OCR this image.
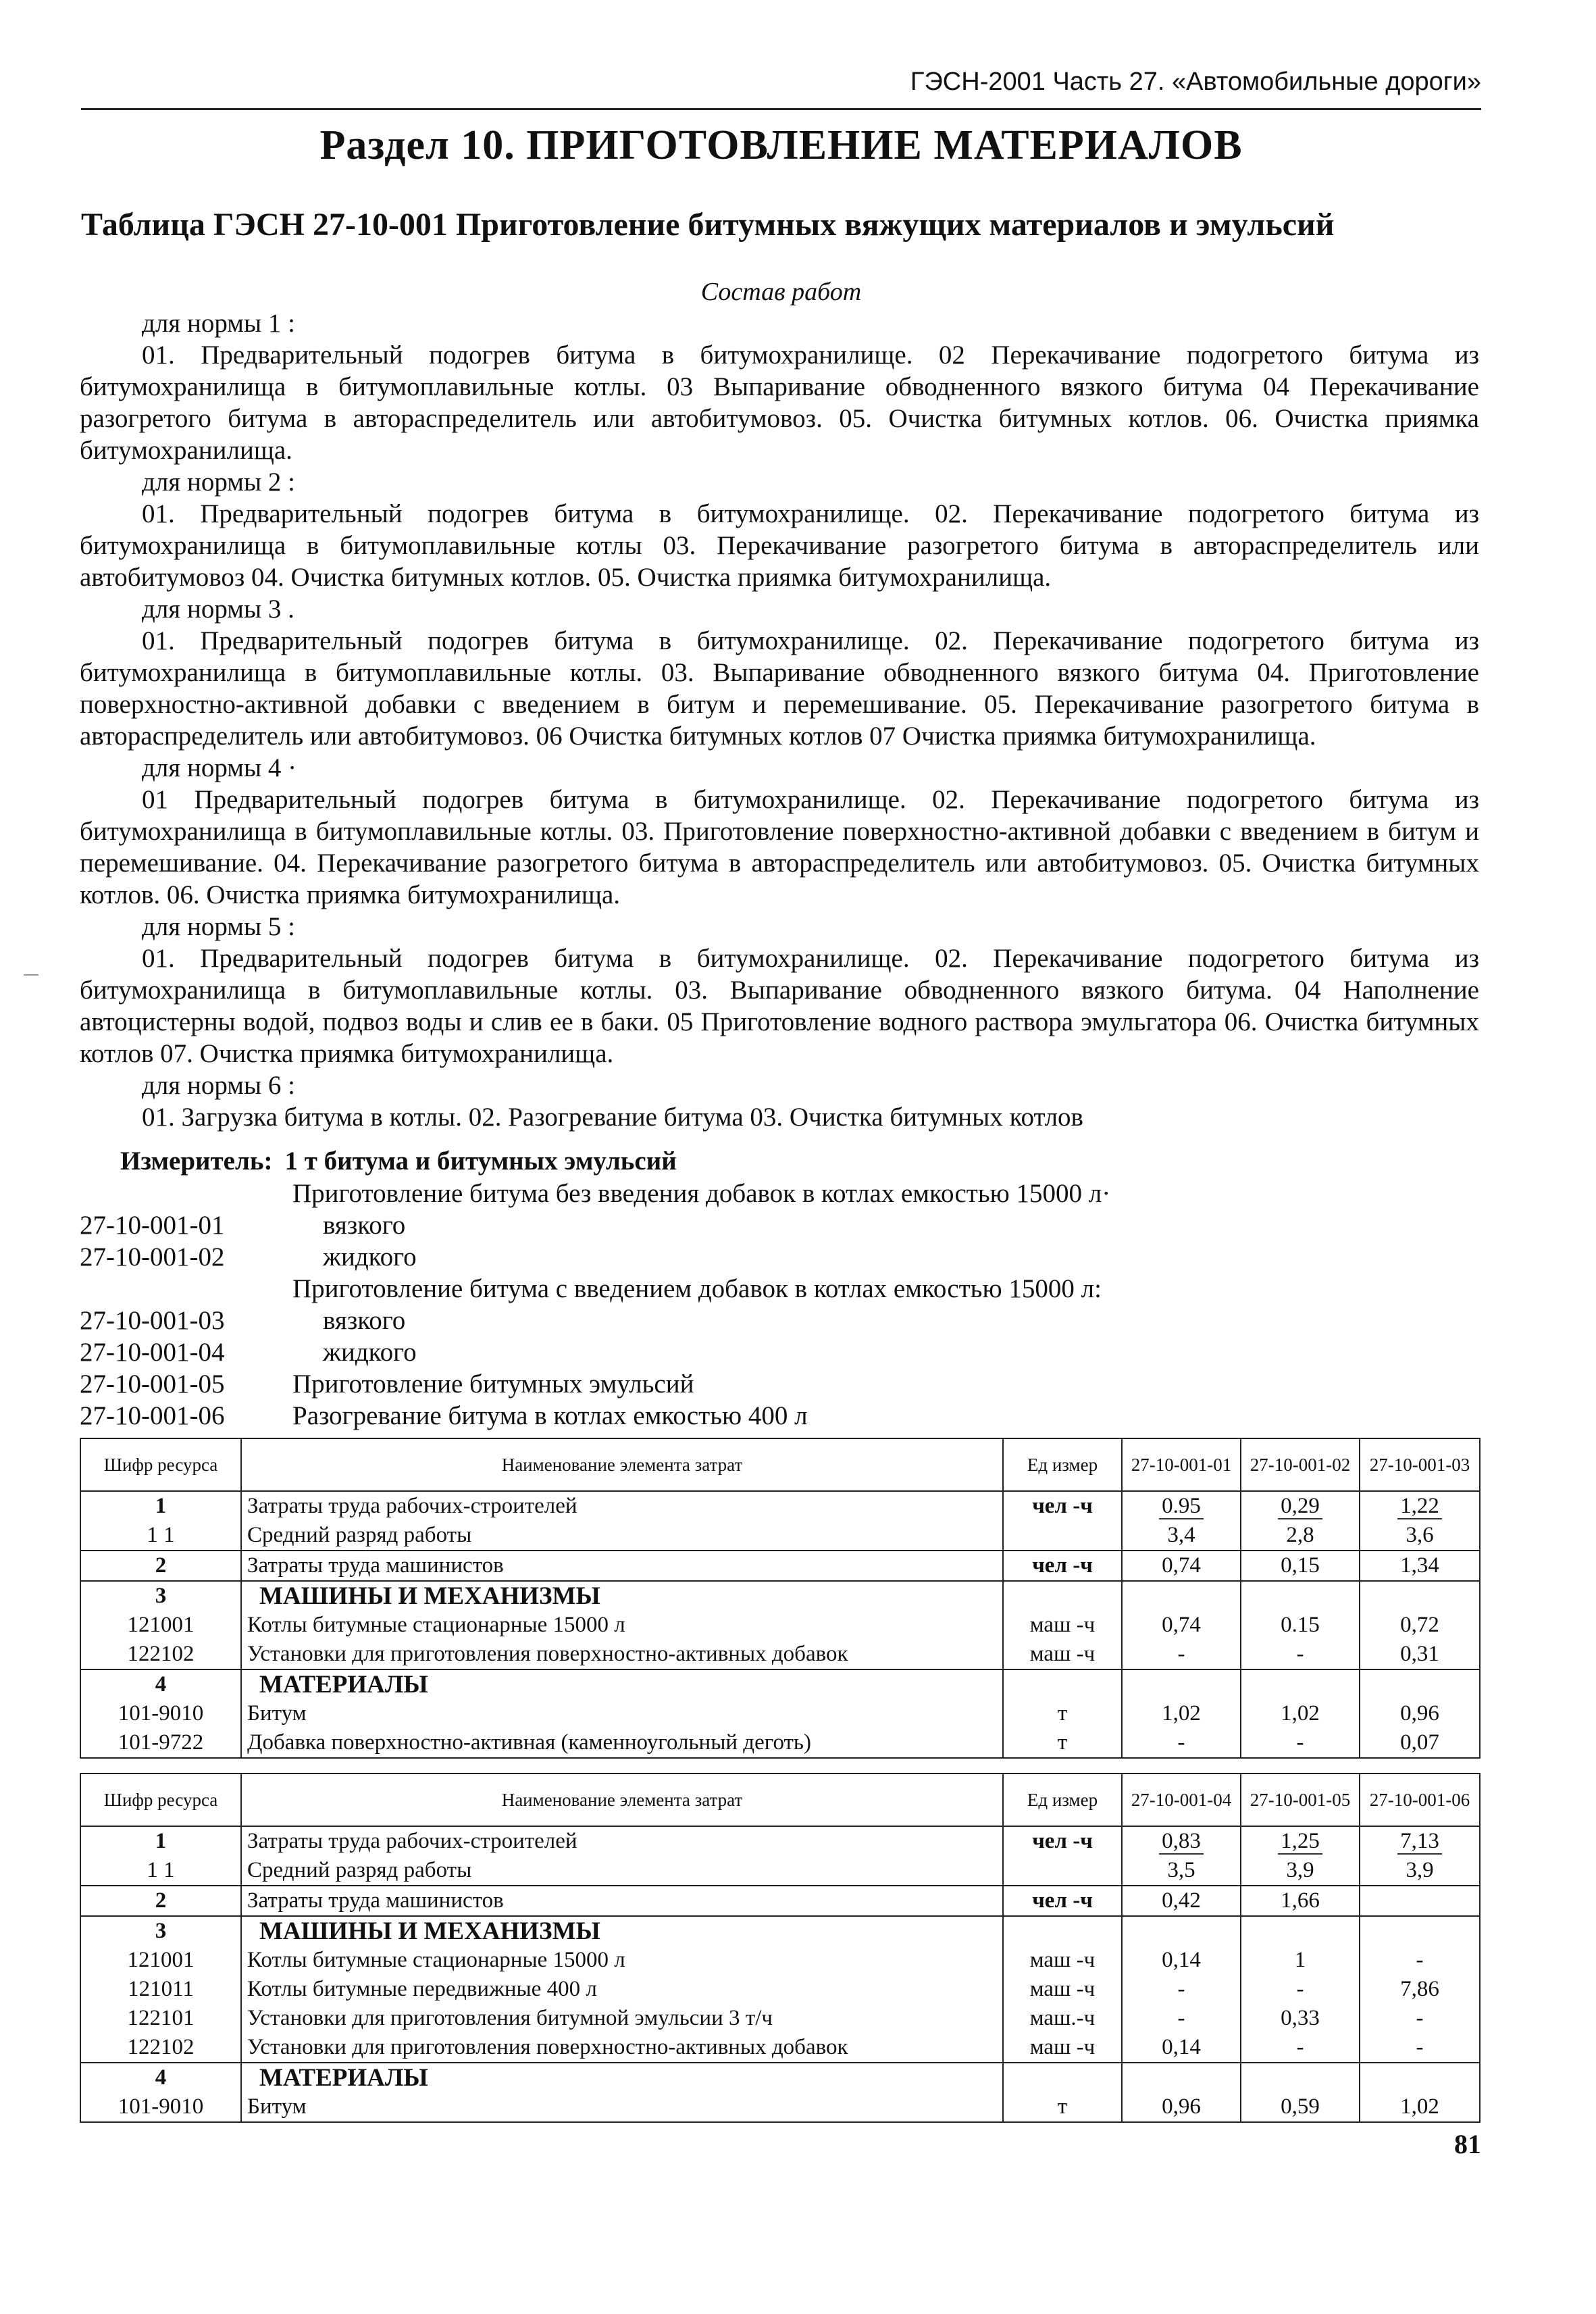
ГЭСН-2001 Часть 27. «Автомобильные дороги»
Раздел 10. ПРИГОТОВЛЕНИЕ МАТЕРИАЛОВ
Таблица ГЭСН 27-10-001 Приготовление битумных вяжущих материалов и эмульсий
Состав работ
для нормы 1 :
01. Предварительный подогрев битума в битумохранилище. 02 Перекачивание подогретого битума из битумохранилища в битумоплавильные котлы. 03 Выпаривание обводненного вязкого битума 04 Перекачивание разогретого битума в автораспределитель или автобитумовоз. 05. Очистка битумных котлов. 06. Очистка приямка битумохранилища.
для нормы 2 :
01. Предварительный подогрев битума в битумохранилище. 02. Перекачивание подогретого битума из битумохранилища в битумоплавильные котлы 03. Перекачивание разогретого битума в автораспределитель или автобитумовоз 04. Очистка битумных котлов. 05. Очистка приямка битумохранилища.
для нормы 3 .
01. Предварительный подогрев битума в битумохранилище. 02. Перекачивание подогретого битума из битумохранилища в битумоплавильные котлы. 03. Выпаривание обводненного вязкого битума 04. Приготовление поверхностно-активной добавки с введением в битум и перемешивание. 05. Перекачивание разогретого битума в автораспределитель или автобитумовоз. 06 Очистка битумных котлов 07 Очистка приямка битумохранилища.
для нормы 4 ·
01 Предварительный подогрев битума в битумохранилище. 02. Перекачивание подогретого битума из битумохранилища в битумоплавильные котлы. 03. Приготовление поверхностно-активной добавки с введением в битум и перемешивание. 04. Перекачивание разогретого битума в автораспределитель или автобитумовоз. 05. Очистка битумных котлов. 06. Очистка приямка битумохранилища.
для нормы 5 :
01. Предварительный подогрев битума в битумохранилище. 02. Перекачивание подогретого битума из битумохранилища в битумоплавильные котлы. 03. Выпаривание обводненного вязкого битума. 04 Наполнение автоцистерны водой, подвоз воды и слив ее в баки. 05 Приготовление водного раствора эмульгатора 06. Очистка битумных котлов 07. Очистка приямка битумохранилища.
для нормы 6 :
01. Загрузка битума в котлы. 02. Разогревание битума 03. Очистка битумных котлов
Измеритель: 1 т битума и битумных эмульсий
Приготовление битума без введения добавок в котлах емкостью 15000 л·
27-10-001-01	вязкого
27-10-001-02	жидкого
Приготовление битума с введением добавок в котлах емкостью 15000 л:
27-10-001-03	вязкого
27-10-001-04	жидкого
27-10-001-05	Приготовление битумных эмульсий
27-10-001-06	Разогревание битума в котлах емкостью 400 л
Шифр ресурса	Наименование элемента затрат	Ед измер	27-10-001-01	27-10-001-02	27-10-001-03
1	Затраты труда рабочих-строителей	чел -ч	0.95	0,29	1,22
1 1	Средний разряд работы		3,4	2,8	3,6
2	Затраты труда машинистов	чел -ч	0,74	0,15	1,34
3	МАШИНЫ И МЕХАНИЗМЫ				
121001	Котлы битумные стационарные 15000 л	маш -ч	0,74	0.15	0,72
122102	Установки для приготовления поверхностно-активных добавок	маш -ч	-	-	0,31
4	МАТЕРИАЛЫ				
101-9010	Битум	т	1,02	1,02	0,96
101-9722	Добавка поверхностно-активная (каменноугольный деготь)	т	-	-	0,07
Шифр ресурса	Наименование элемента затрат	Ед измер	27-10-001-04	27-10-001-05	27-10-001-06
1	Затраты труда рабочих-строителей	чел -ч	0,83	1,25	7,13
1 1	Средний разряд работы		3,5	3,9	3,9
2	Затраты труда машинистов	чел -ч	0,42	1,66	
3	МАШИНЫ И МЕХАНИЗМЫ				
121001	Котлы битумные стационарные 15000 л	маш -ч	0,14	1	-
121011	Котлы битумные передвижные 400 л	маш -ч	-	-	7,86
122101	Установки для приготовления битумной эмульсии 3 т/ч	маш.-ч	-	0,33	-
122102	Установки для приготовления поверхностно-активных добавок	маш -ч	0,14	-	-
4	МАТЕРИАЛЫ				
101-9010	Битум	т	0,96	0,59	1,02
81
